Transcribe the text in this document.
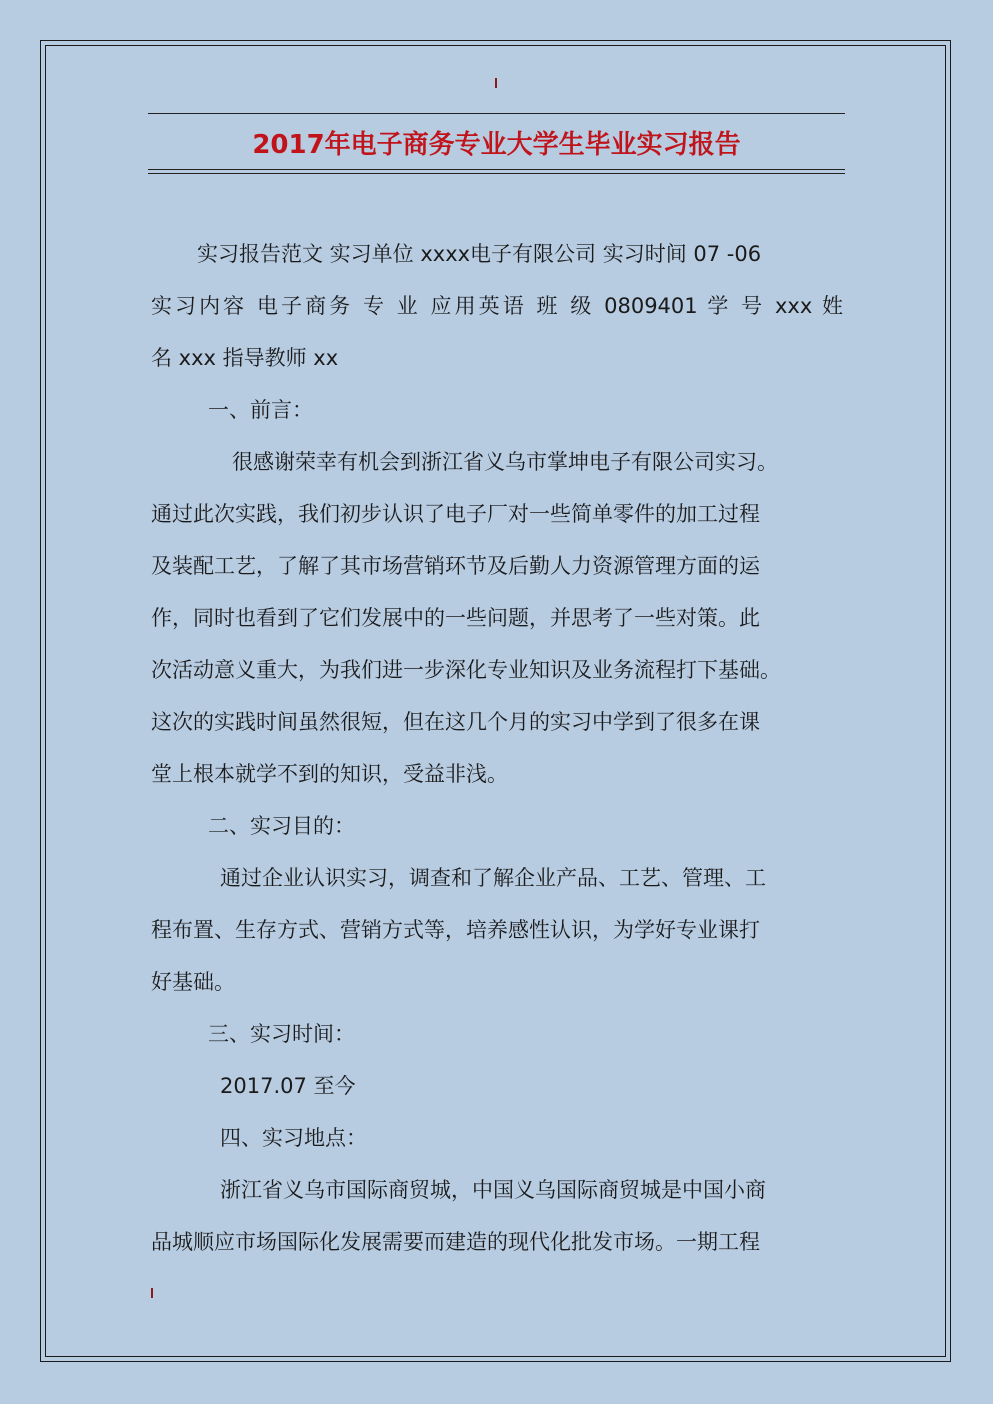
2017年电子商务专业大学生毕业实习报告
实习报告范文 实习单位 xxxx电子有限公司 实习时间 07 -06
实习内容 电子商务 专 业 应用英语 班 级 0809401 学 号 xxx 姓
名 xxx 指导教师 xx
一、前言：
很感谢荣幸有机会到浙江省义乌市掌坤电子有限公司实习。
通过此次实践，我们初步认识了电子厂对一些简单零件的加工过程
及装配工艺，了解了其市场营销环节及后勤人力资源管理方面的运
作，同时也看到了它们发展中的一些问题，并思考了一些对策。此
次活动意义重大，为我们进一步深化专业知识及业务流程打下基础。
这次的实践时间虽然很短，但在这几个月的实习中学到了很多在课
堂上根本就学不到的知识，受益非浅。
二、实习目的：
通过企业认识实习，调查和了解企业产品、工艺、管理、工
程布置、生存方式、营销方式等，培养感性认识，为学好专业课打
好基础。
三、实习时间：
2017.07 至今
四、实习地点：
浙江省义乌市国际商贸城，中国义乌国际商贸城是中国小商
品城顺应市场国际化发展需要而建造的现代化批发市场。一期工程
